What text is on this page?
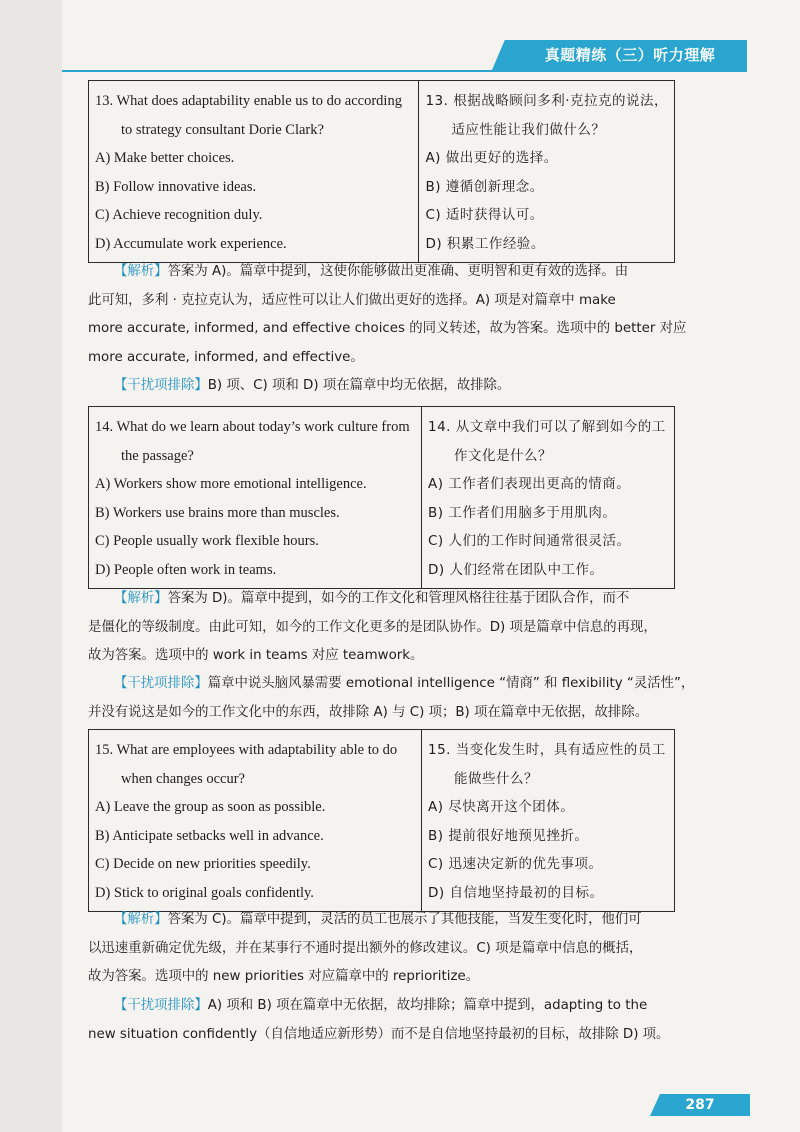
真题精练（三）听力理解
13. What does adaptability enable us to do according
to strategy consultant Dorie Clark?
A) Make better choices.
B) Follow innovative ideas.
C) Achieve recognition duly.
D) Accumulate work experience.

13. 根据战略顾问多利·克拉克的说法，
适应性能让我们做什么？
A) 做出更好的选择。
B) 遵循创新理念。
C) 适时获得认可。
D) 积累工作经验。
【解析】答案为 A)。篇章中提到，这使你能够做出更准确、更明智和更有效的选择。由
此可知，多利 · 克拉克认为，适应性可以让人们做出更好的选择。A) 项是对篇章中 make
more accurate, informed, and effective choices 的同义转述，故为答案。选项中的 better 对应
more accurate, informed, and effective。
【干扰项排除】B) 项、C) 项和 D) 项在篇章中均无依据，故排除。
14. What do we learn about today’s work culture from
the passage?
A) Workers show more emotional intelligence.
B) Workers use brains more than muscles.
C) People usually work flexible hours.
D) People often work in teams.

14. 从文章中我们可以了解到如今的工
作文化是什么？
A) 工作者们表现出更高的情商。
B) 工作者们用脑多于用肌肉。
C) 人们的工作时间通常很灵活。
D) 人们经常在团队中工作。
【解析】答案为 D)。篇章中提到，如今的工作文化和管理风格往往基于团队合作，而不
是僵化的等级制度。由此可知，如今的工作文化更多的是团队协作。D) 项是篇章中信息的再现，
故为答案。选项中的 work in teams 对应 teamwork。
【干扰项排除】篇章中说头脑风暴需要 emotional intelligence “情商” 和 flexibility “灵活性”，
并没有说这是如今的工作文化中的东西，故排除 A) 与 C) 项；B) 项在篇章中无依据，故排除。
15. What are employees with adaptability able to do
when changes occur?
A) Leave the group as soon as possible.
B) Anticipate setbacks well in advance.
C) Decide on new priorities speedily.
D) Stick to original goals confidently.

15. 当变化发生时，具有适应性的员工
能做些什么？
A) 尽快离开这个团体。
B) 提前很好地预见挫折。
C) 迅速决定新的优先事项。
D) 自信地坚持最初的目标。
【解析】答案为 C)。篇章中提到，灵活的员工也展示了其他技能，当发生变化时，他们可
以迅速重新确定优先级，并在某事行不通时提出额外的修改建议。C) 项是篇章中信息的概括，
故为答案。选项中的 new priorities 对应篇章中的 reprioritize。
【干扰项排除】A) 项和 B) 项在篇章中无依据，故均排除；篇章中提到，adapting to the
new situation confidently（自信地适应新形势）而不是自信地坚持最初的目标，故排除 D) 项。
287
